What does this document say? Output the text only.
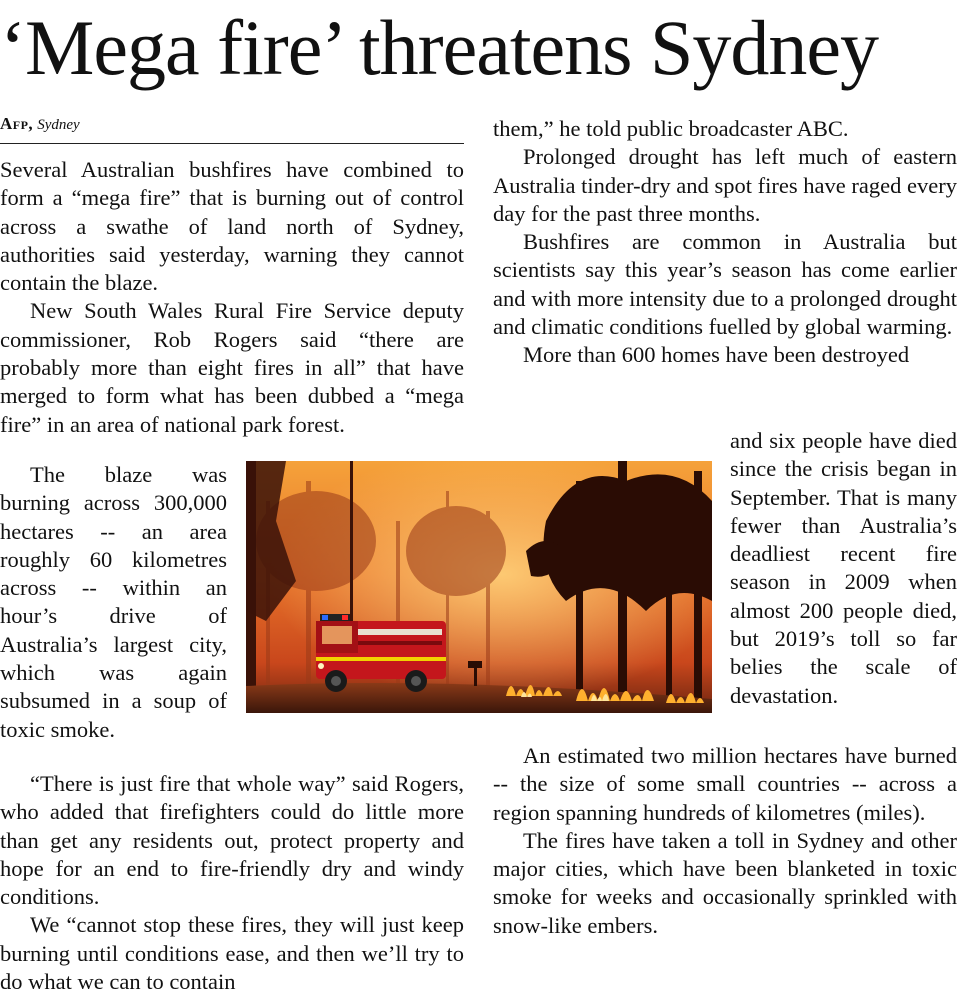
‘Mega fire’ threatens Sydney
Afp, Sydney

Several Australian bushfires have combined to form a “mega fire” that is burning out of control across a swathe of land north of Sydney, authorities said yesterday, warning they cannot contain the blaze.

New South Wales Rural Fire Service deputy commissioner, Rob Rogers said “there are probably more than eight fires in all” that have merged to form what has been dubbed a “mega fire” in an area of national park forest.

The blaze was burning across 300,000 hectares -- an area roughly 60 kilometres across -- within an hour’s drive of Australia’s largest city, which was again subsumed in a soup of toxic smoke.

“There is just fire that whole way” said Rogers, who added that firefighters could do little more than get any residents out, protect property and hope for an end to fire-friendly dry and windy conditions.

We “cannot stop these fires, they will just keep burning until conditions ease, and then we’ll try to do what we can to contain

them,” he told public broadcaster ABC.

Prolonged drought has left much of eastern Australia tinder-dry and spot fires have raged every day for the past three months.

Bushfires are common in Australia but scientists say this year’s season has come earlier and with more intensity due to a prolonged drought and climatic conditions fuelled by global warming.

More than 600 homes have been destroyed

and six people have died since the crisis began in September. That is many fewer than Australia’s deadliest recent fire season in 2009 when almost 200 people died, but 2019’s toll so far belies the scale of devastation.

An estimated two million hectares have burned -- the size of some small countries -- across a region spanning hundreds of kilometres (miles).

The fires have taken a toll in Sydney and other major cities, which have been blanketed in toxic smoke for weeks and occasionally sprinkled with snow-like embers.
